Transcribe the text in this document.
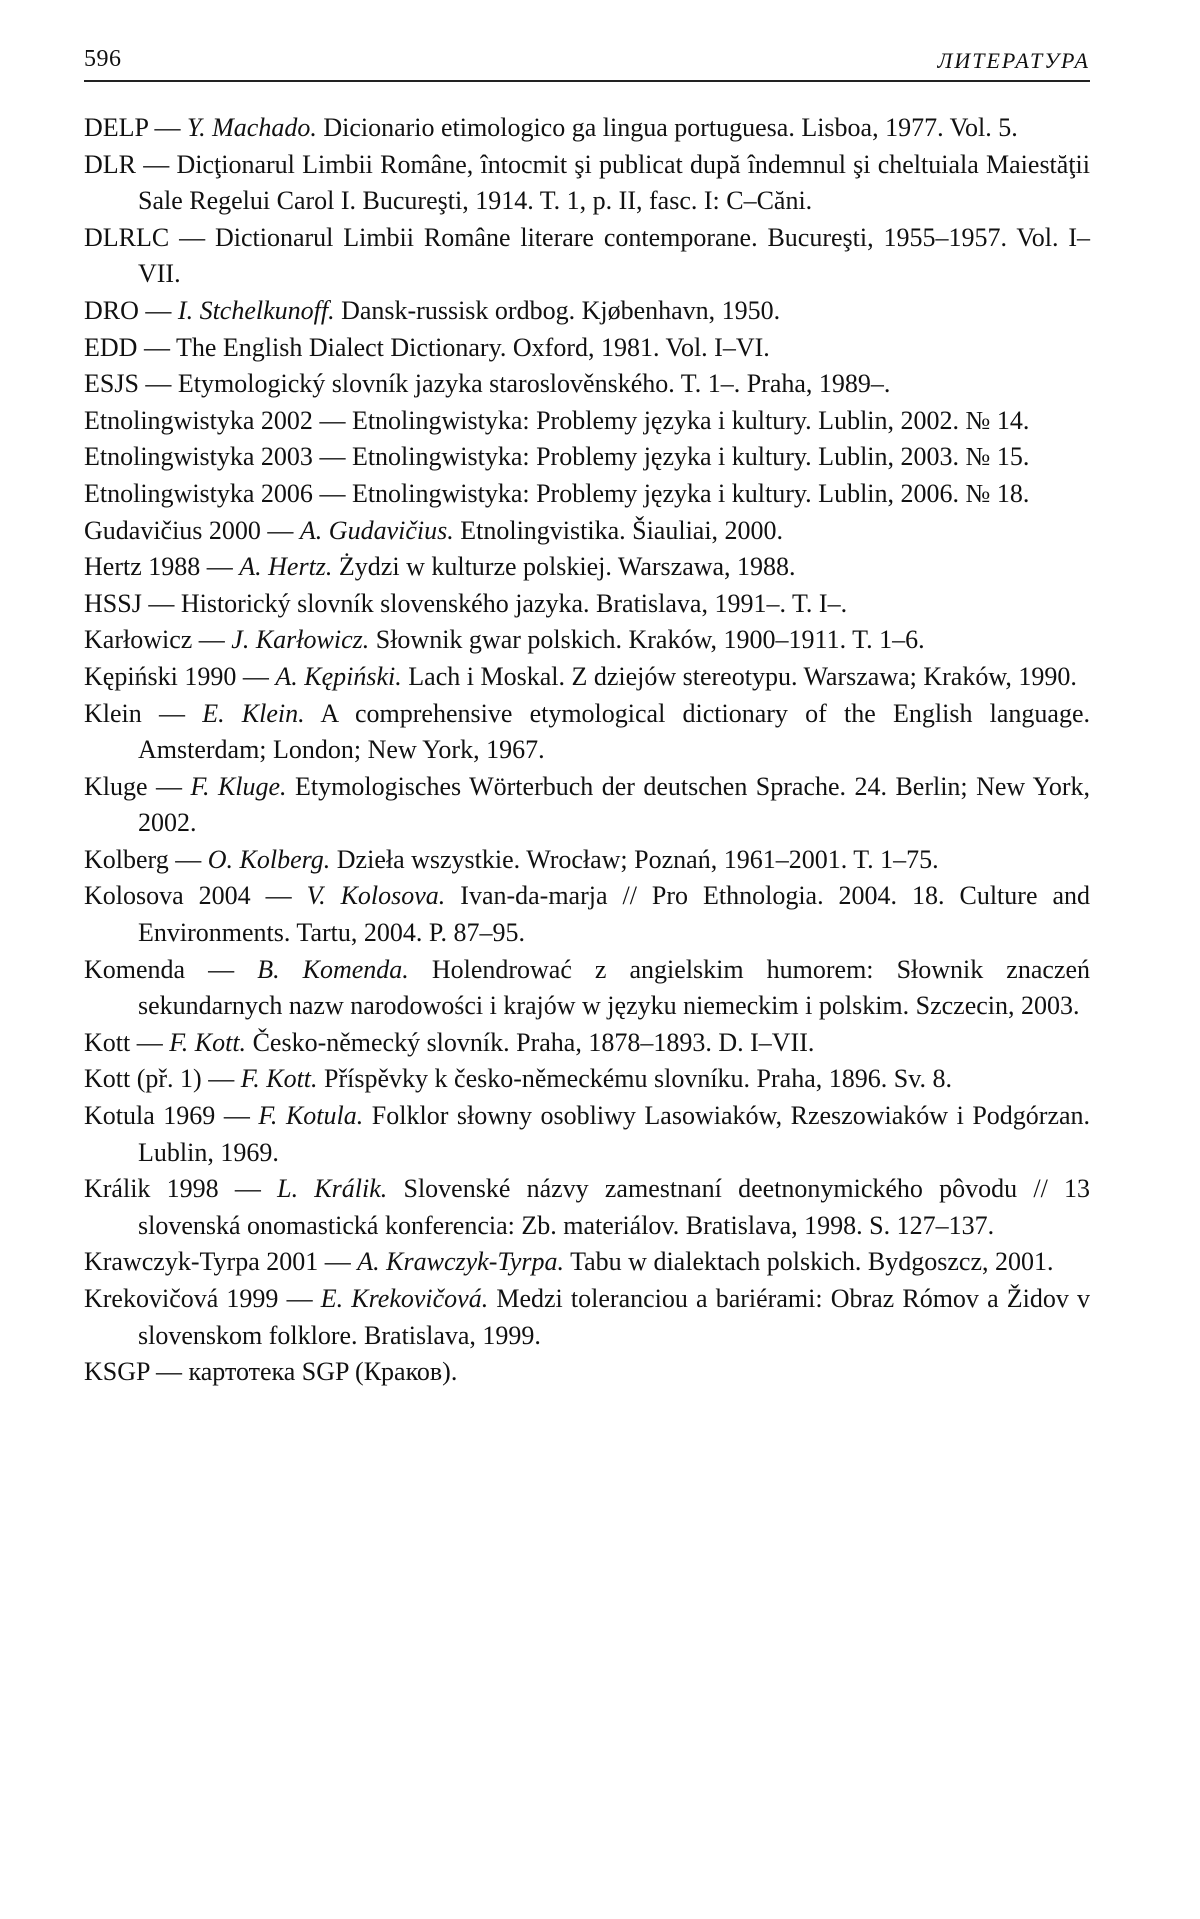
596	ЛИТЕРАТУРА

DELP — Y. Machado. Dicionario etimologico ga lingua portuguesa. Lisboa, 1977. Vol. 5.

DLR — Dicţionarul Limbii Române, întocmit şi publicat după îndemnul şi cheltuiala Maiestăţii Sale Regelui Carol I. Bucureşti, 1914. T. 1, p. II, fasc. I: C–Căni.

DLRLC — Dictionarul Limbii Române literare contemporane. Bucureşti, 1955–1957. Vol. I–VII.

DRO — I. Stchelkunoff. Dansk-russisk ordbog. Kjøbenhavn, 1950.

EDD — The English Dialect Dictionary. Oxford, 1981. Vol. I–VI.

ESJS — Etymologický slovník jazyka staroslověnského. T. 1–. Praha, 1989–.

Etnolingwistyka 2002 — Etnolingwistyka: Problemy języka i kultury. Lublin, 2002. № 14.

Etnolingwistyka 2003 — Etnolingwistyka: Problemy języka i kultury. Lublin, 2003. № 15.

Etnolingwistyka 2006 — Etnolingwistyka: Problemy języka i kultury. Lublin, 2006. № 18.

Gudavičius 2000 — A. Gudavičius. Etnolingvistika. Šiauliai, 2000.

Hertz 1988 — A. Hertz. Żydzi w kulturze polskiej. Warszawa, 1988.

HSSJ — Historický slovník slovenského jazyka. Bratislava, 1991–. T. I–.

Karłowicz — J. Karłowicz. Słownik gwar polskich. Kraków, 1900–1911. T. 1–6.

Kępiński 1990 — A. Kępiński. Lach i Moskal. Z dziejów stereotypu. Warszawa; Kraków, 1990.

Klein — E. Klein. A comprehensive etymological dictionary of the English language. Amsterdam; London; New York, 1967.

Kluge — F. Kluge. Etymologisches Wörterbuch der deutschen Sprache. 24. Berlin; New York, 2002.

Kolberg — O. Kolberg. Dzieła wszystkie. Wrocław; Poznań, 1961–2001. T. 1–75.

Kolosova 2004 — V. Kolosova. Ivan-da-marja // Pro Ethnologia. 2004. 18. Culture and Environments. Tartu, 2004. P. 87–95.

Komenda — B. Komenda. Holendrować z angielskim humorem: Słownik znaczeń sekundarnych nazw narodowości i krajów w języku niemeckim i polskim. Szczecin, 2003.

Kott — F. Kott. Česko-německý slovník. Praha, 1878–1893. D. I–VII.

Kott (př. 1) — F. Kott. Příspěvky k česko-německému slovníku. Praha, 1896. Sv. 8.

Kotula 1969 — F. Kotula. Folklor słowny osobliwy Lasowiaków, Rzeszowiaków i Podgórzan. Lublin, 1969.

Králik 1998 — L. Králik. Slovenské názvy zamestnaní deetnonymického pôvodu // 13 slovenská onomastická konferencia: Zb. materiálov. Bratislava, 1998. S. 127–137.

Krawczyk-Tyrpa 2001 — A. Krawczyk-Tyrpa. Tabu w dialektach polskich. Bydgoszcz, 2001.

Krekovičová 1999 — E. Krekovičová. Medzi toleranciou a bariérami: Obraz Rómov a Židov v slovenskom folklore. Bratislava, 1999.

KSGP — картотека SGP (Краков).
